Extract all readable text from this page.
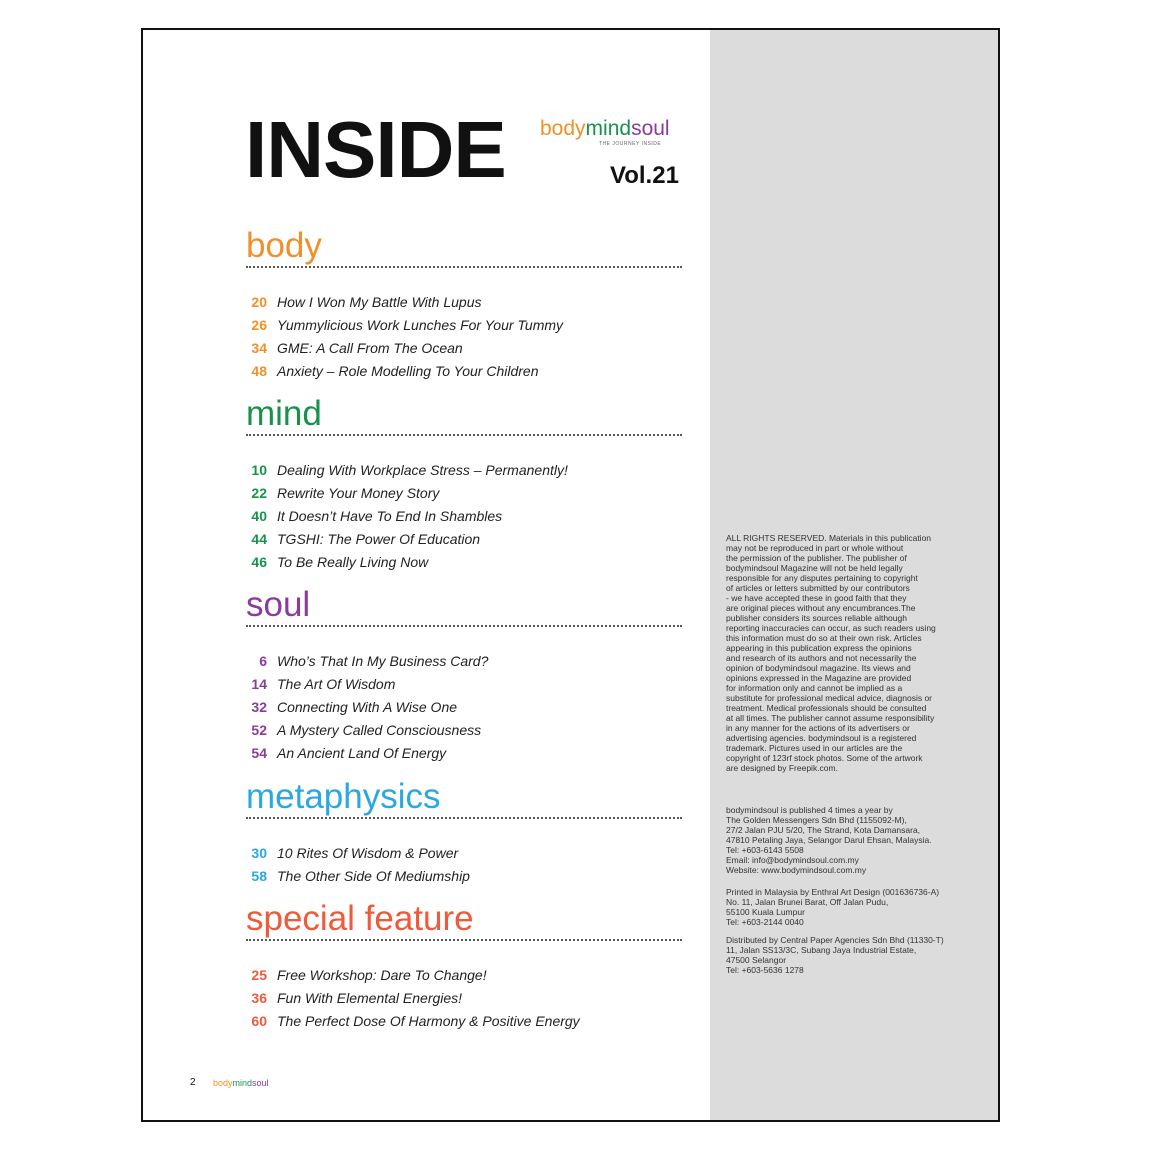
INSIDE bodymindsoul
THE JOURNEY INSIDE
Vol.21
body
20 How I Won My Battle With Lupus
26 Yummylicious Work Lunches For Your Tummy
34 GME: A Call From The Ocean
48 Anxiety – Role Modelling To Your Children
mind
10 Dealing With Workplace Stress – Permanently!
22 Rewrite Your Money Story
40 It Doesn’t Have To End In Shambles
44 TGSHI: The Power Of Education
46 To Be Really Living Now
soul
6 Who’s That In My Business Card?
14 The Art Of Wisdom
32 Connecting With A Wise One
52 A Mystery Called Consciousness
54 An Ancient Land Of Energy
metaphysics
30 10 Rites Of Wisdom & Power
58 The Other Side Of Mediumship
special feature
25 Free Workshop: Dare To Change!
36 Fun With Elemental Energies!
60 The Perfect Dose Of Harmony & Positive Energy
ALL RIGHTS RESERVED. Materials in this publication
may not be reproduced in part or whole without
the permission of the publisher. The publisher of
bodymindsoul Magazine will not be held legally
responsible for any disputes pertaining to copyright
of articles or letters submitted by our contributors
- we have accepted these in good faith that they
are original pieces without any encumbrances.The
publisher considers its sources reliable although
reporting inaccuracies can occur, as such readers using
this information must do so at their own risk. Articles
appearing in this publication express the opinions
and research of its authors and not necessarily the
opinion of bodymindsoul magazine. Its views and
opinions expressed in the Magazine are provided
for information only and cannot be implied as a
substitute for professional medical advice, diagnosis or
treatment. Medical professionals should be consulted
at all times. The publisher cannot assume responsibility
in any manner for the actions of its advertisers or
advertising agencies. bodymindsoul is a registered
trademark. Pictures used in our articles are the
copyright of 123rf stock photos. Some of the artwork
are designed by Freepik.com.
bodymindsoul is published 4 times a year by
The Golden Messengers Sdn Bhd (1155092-M),
27/2 Jalan PJU 5/20, The Strand, Kota Damansara,
47810 Petaling Jaya, Selangor Darul Ehsan, Malaysia.
Tel: +603-6143 5508
Email: info@bodymindsoul.com.my
Website: www.bodymindsoul.com.my
Printed in Malaysia by Enthral Art Design (001636736-A)
No. 11, Jalan Brunei Barat, Off Jalan Pudu,
55100 Kuala Lumpur
Tel: +603-2144 0040
Distributed by Central Paper Agencies Sdn Bhd (11330-T)
11, Jalan SS13/3C, Subang Jaya Industrial Estate,
47500 Selangor
Tel: +603-5636 1278
2 bodymindsoul
